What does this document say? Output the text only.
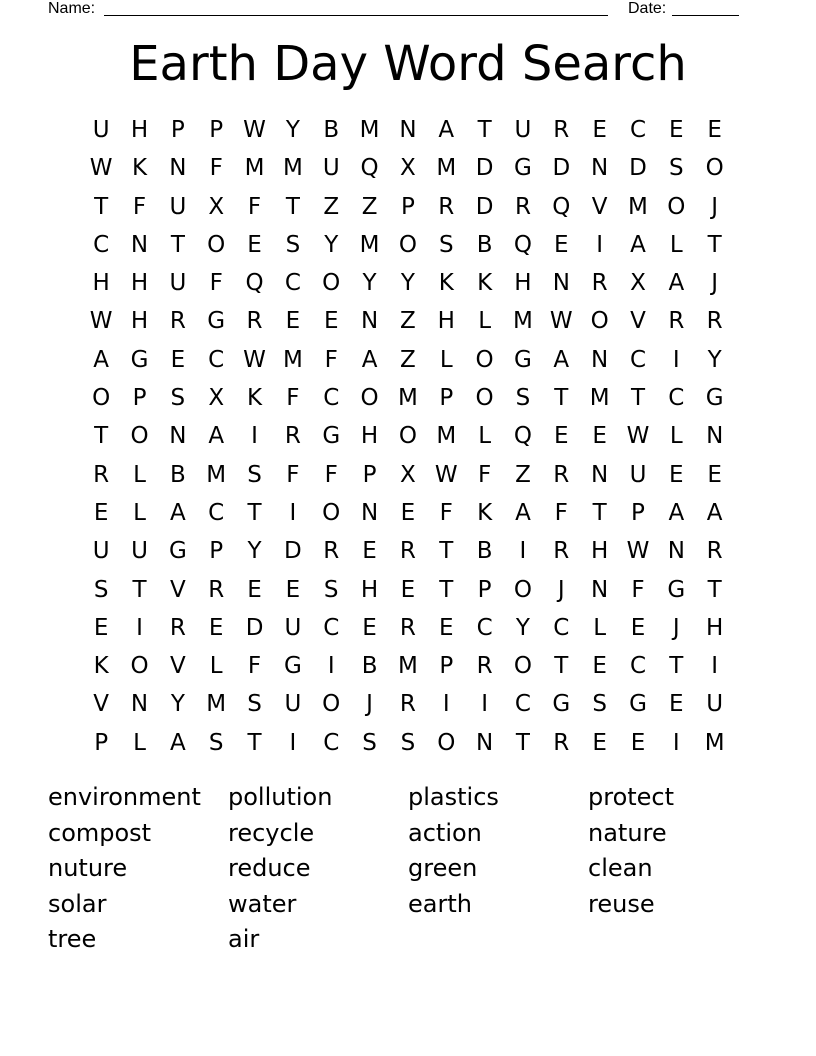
Name:	Date:
Earth Day Word Search
U H P	P W Y	B M N A	T U R	E	C	E	E
W K N	F M M U Q X M D G D N D S O
T	F	U X	F	T	Z Z	P	R D R Q V M O	J
C N T O E	S	Y M O S	B Q E	I	A	L	T
H H U	F Q C O Y	Y	K	K H N R X A	J
W H R G R	E	E N Z H	L M W O V R R
A G E	C W M F	A Z	L O G A N C	I	Y
O P	S	X K	F	C O M P O S	T M T	C G
T O N A	I	R G H O M L Q E	E W L	N
R	L	B M S	F	F	P	X W F	Z R N U E	E
E	L	A C	T	I	O N E	F	K A	F	T	P	A A
U U G P	Y D R	E	R	T	B	I	R H W N R
S	T	V R	E	E	S H E	T	P O	J	N	F G T
E	I	R	E D U C	E	R	E	C	Y	C	L	E	J	H
K O V	L	F G	I	B M P	R O T	E	C	T	I
V N Y M S U O	J	R	I	I	C G S G E U
P	L	A	S	T	I	C	S	S O N T	R	E	E	I	M
environment pollution	plastics	protect
compost	recycle	action	nature
nuture	reduce	green	clean
solar	water	earth	reuse
tree	air
